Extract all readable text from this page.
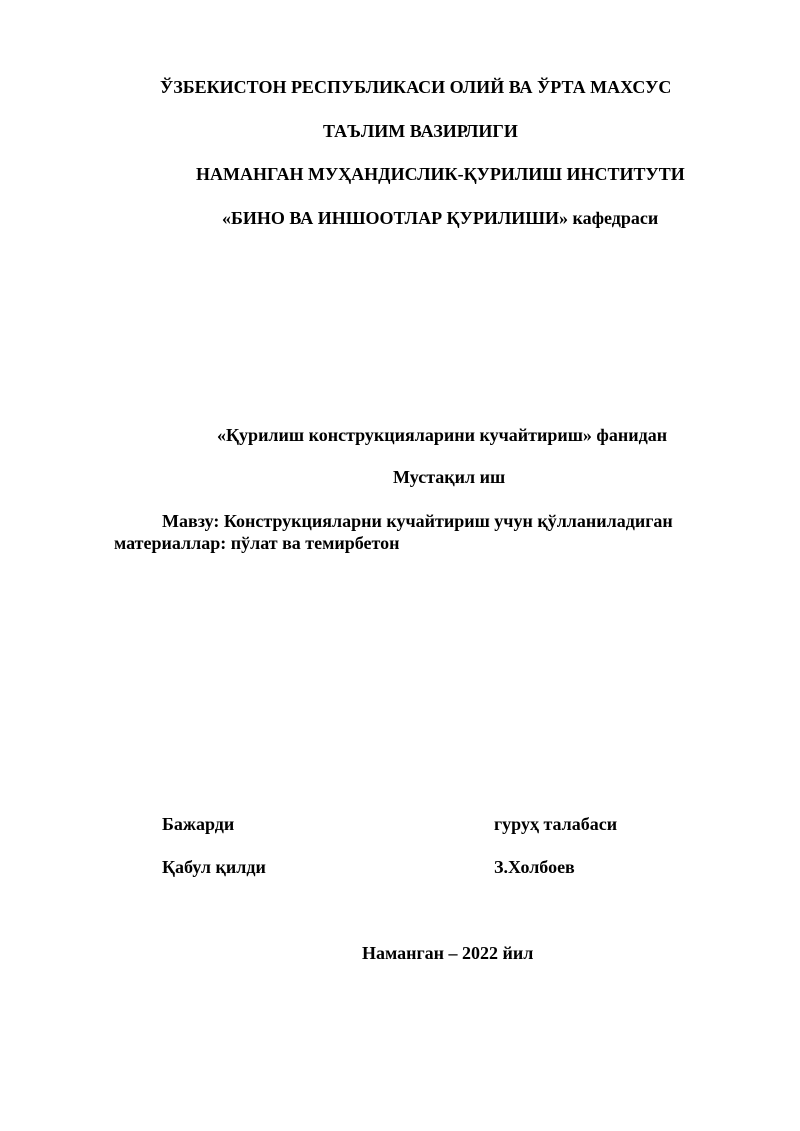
ЎЗБЕКИСТОН РЕСПУБЛИКАСИ ОЛИЙ ВА ЎРТА МАХСУС
ТАЪЛИМ ВАЗИРЛИГИ
НАМАНГАН МУҲАНДИСЛИК-ҚУРИЛИШ ИНСТИТУТИ
«БИНО ВА ИНШООТЛАР ҚУРИЛИШИ» кафедраси
«Қурилиш конструкцияларини кучайтириш» фанидан
Мустақил иш
Мавзу: Конструкцияларни кучайтириш учун қўлланиладиган
материаллар: пўлат ва темирбетон
Бажарди	гуруҳ талабаси
Қабул қилди	З.Холбоев
Наманган – 2022 йил
